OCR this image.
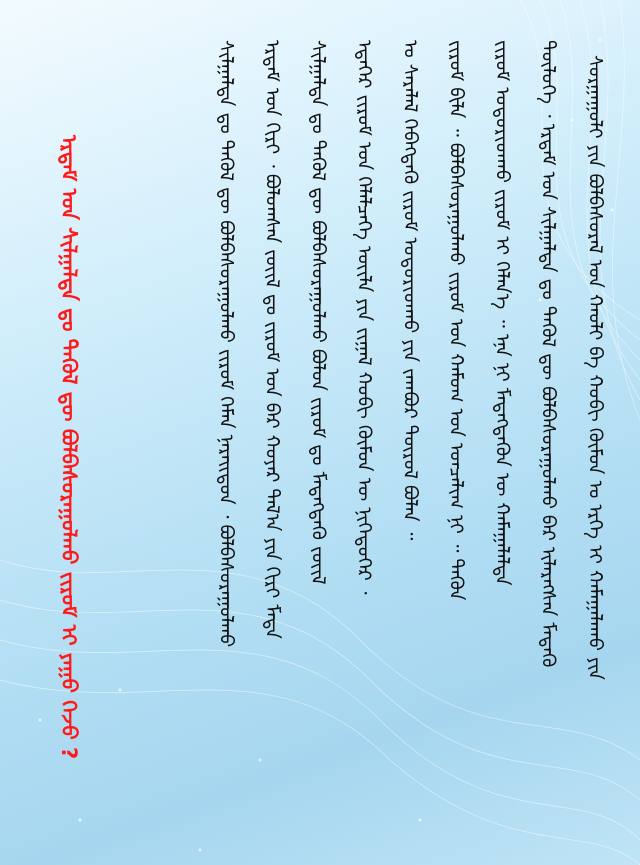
ᠡᠷᠳᠡᠮ ᠤᠨ ᠰᠢᠯᠭᠠᠯᠲᠠ ᠳᠤ ᠲᠡᠭᠦᠯ ᠳᠦ ᠪᠣᠯᠪᠠᠰᠤᠷᠠᠭᠤᠯᠬᠤ ᠵᠢᠷᠤᠮ ᠢ ᠶᠠᠭᠤ ᠭᠡᠵᠦ ?	ᠰᠤᠷᠭᠠᠭᠤᠯᠢ ᠶᠢᠨ ᠪᠣᠯᠪᠠᠰᠤᠷᠠᠯ ᠤᠨ ᠬᠠᠤᠯᠢ ᠪᠠ ᠬᠤᠪᠢ ᠬᠥᠮᠦᠨ ᠤ ᠡᠷᠬᠡ ᠢ ᠬᠠᠮᠠᠭᠠᠯᠠᠬᠤ ᠶᠢᠨ
ᠲᠥᠯᠥᠭᠡ ᠂ ᠡᠷᠳᠡᠮ ᠤᠨ ᠰᠢᠯᠭᠠᠯᠲᠠ ᠳᠤ ᠲᠡᠭᠦᠯ ᠳᠦ ᠪᠣᠯᠪᠠᠰᠤᠷᠠᠭᠤᠯᠬᠤ ᠪᠡᠷ ᠢᠯᠡᠷᠡᠭᠰᠡᠨ ᠮᠡᠳᠡᠬᠦ
ᠵᠢᠷᠤᠮ ᠤᠳᠤᠷᠢᠳᠬᠤ ᠵᠢᠷᠤᠮ ᠢ ᠬᠡᠯᠡᠨ᠎ᠡ ᠃ ᠡᠨᠡ ᠨᠢ ᠮᠡᠳᠡᠭᠳᠡᠬᠦᠨ ᠦ ᠬᠠᠮᠠᠭᠠᠯᠠᠯᠲᠠ
ᠵᠢᠷᠤᠮ ᠪᠢᠯᠡ ᠃ ᠪᠣᠯᠪᠠᠰᠤᠷᠠᠭᠤᠯᠬᠤ ᠵᠢᠷᠤᠮ ᠤᠨ ᠬᠠᠮᠤᠭ ᠤᠨ ᠣᠨᠴᠠᠯᠢᠭ ᠨᠢ ᠃ ᠲᠡᠭᠦᠨ
ᠤ ᠰᠠᠷᠠᠯᠠᠯ ᠬᠡᠪᠡᠭᠳᠡᠬᠦ ᠵᠢᠷᠤᠮ ᠤᠳᠤᠷᠢᠳᠬᠤ ᠶᠢᠨ ᠵᠠᠭᠪᠤᠷ ᠲᠥᠷᠥᠯ ᠪᠣᠯᠠᠨ ᠃
ᠡᠳᠡᠭᠡᠷ ᠵᠢᠷᠤᠮ ᠤᠨ ᠬᠡᠯᠡᠯᠴᠡᠭᠡ ᠦᠢᠯᠡ ᠶᠢᠨ ᠵᠢᠭᠠᠯ ᠬᠤᠪᠢ ᠬᠦᠮᠦᠨ ᠦ ᠨᠢᠭᠡᠳᠦᠭᠡᠷ ᠂
ᠰᠢᠯᠭᠠᠯᠲᠠ ᠳᠤ ᠲᠡᠭᠦᠯ ᠳᠦ ᠪᠣᠯᠪᠠᠰᠤᠷᠠᠭᠤᠯᠬᠤ ᠪᠣᠯᠤᠨ ᠵᠢᠷᠤᠮ ᠳᠤ ᠮᠡᠳᠡᠭᠳᠡᠬᠦ ᠵᠦᠢᠯ
ᠡᠷᠳᠡᠮ ᠤᠨ ᠬᠢᠷᠢ ᠂ ᠪᠣᠯᠤᠭᠰᠠᠨ ᠵᠦᠢᠯ ᠳᠤ ᠵᠢᠷᠤᠮ ᠤᠨ ᠪᠠᠷ ᠬᠣᠶᠠᠷ ᠲᠠᠯ᠎ᠠ ᠶᠢᠨ ᠬᠢᠷᠢ ᠮᠡᠳᠡ
ᠰᠢᠯᠭᠠᠯᠲᠠ ᠳᠤ ᠲᠡᠭᠦᠯ ᠳᠦ ᠪᠣᠯᠪᠠᠰᠤᠷᠠᠭᠤᠯᠬᠤ ᠵᠢᠷᠤᠮ ᠬᠡᠮᠡᠨ ᠨᠡᠷᠡᠢᠳᠦᠨ ᠂ ᠪᠣᠯᠪᠠᠰᠤᠷᠠᠭᠤᠯᠬᠤ
